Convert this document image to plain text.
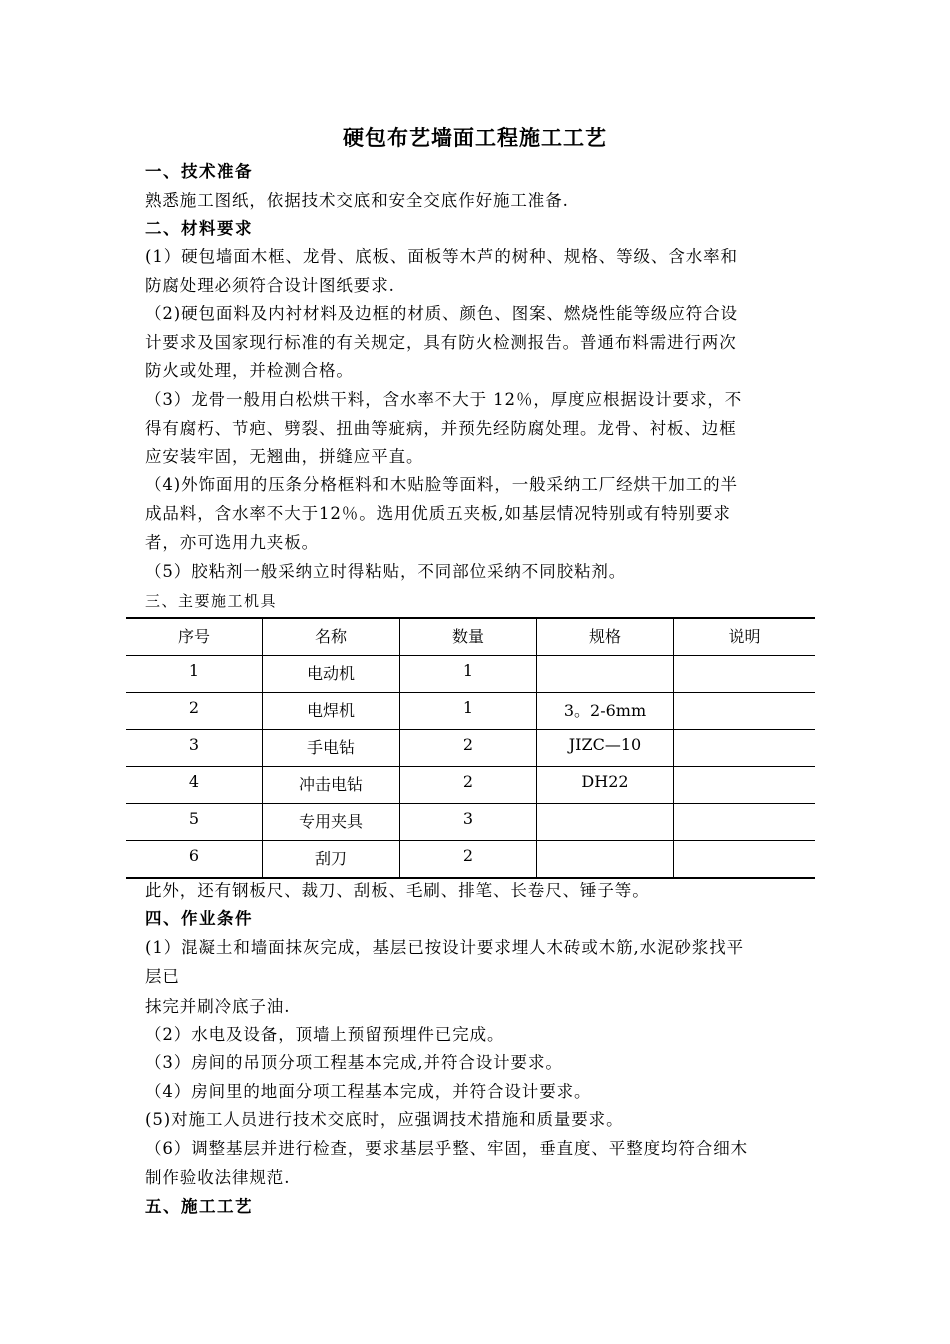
硬包布艺墙面工程施工工艺
一、技术准备
熟悉施工图纸，依据技术交底和安全交底作好施工准备.
二、材料要求
(1）硬包墙面木框、龙骨、底板、面板等木芦的树种、规格、等级、含水率和
防腐处理必须符合设计图纸要求.
（2)硬包面料及内衬材料及边框的材质、颜色、图案、燃烧性能等级应符合设
计要求及国家现行标准的有关规定，具有防火检测报告。普通布料需进行两次
防火或处理，并检测合格。
（3）龙骨一般用白松烘干料，含水率不大于 12％，厚度应根据设计要求，不
得有腐朽、节疤、劈裂、扭曲等疵病，并预先经防腐处理。龙骨、衬板、边框
应安装牢固，无翘曲，拼缝应平直。
（4)外饰面用的压条分格框料和木贴脸等面料，一般采纳工厂经烘干加工的半
成品料，含水率不大于12％。选用优质五夹板,如基层情况特别或有特别要求
者，亦可选用九夹板。
（5）胶粘剂一般采纳立时得粘贴，不同部位采纳不同胶粘剂。
三、主要施工机具
序号	名称	数量	规格	说明
1	电动机	1		
2	电焊机	1	3。2-6mm	
3	手电钻	2	JIZC—10	
4	冲击电钻	2	DH22	
5	专用夹具	3		
6	刮刀	2		
此外，还有钢板尺、裁刀、刮板、毛刷、排笔、长卷尺、锤子等。
四、作业条件
(1）混凝土和墙面抹灰完成，基层已按设计要求埋人木砖或木筋,水泥砂浆找平
层已
抹完并刷冷底子油.
（2）水电及设备，顶墙上预留预埋件已完成。
（3）房间的吊顶分项工程基本完成,并符合设计要求。
（4）房间里的地面分项工程基本完成，并符合设计要求。
(5)对施工人员进行技术交底时，应强调技术措施和质量要求。
（6）调整基层并进行检查，要求基层乎整、牢固，垂直度、平整度均符合细木
制作验收法律规范.
五、施工工艺
